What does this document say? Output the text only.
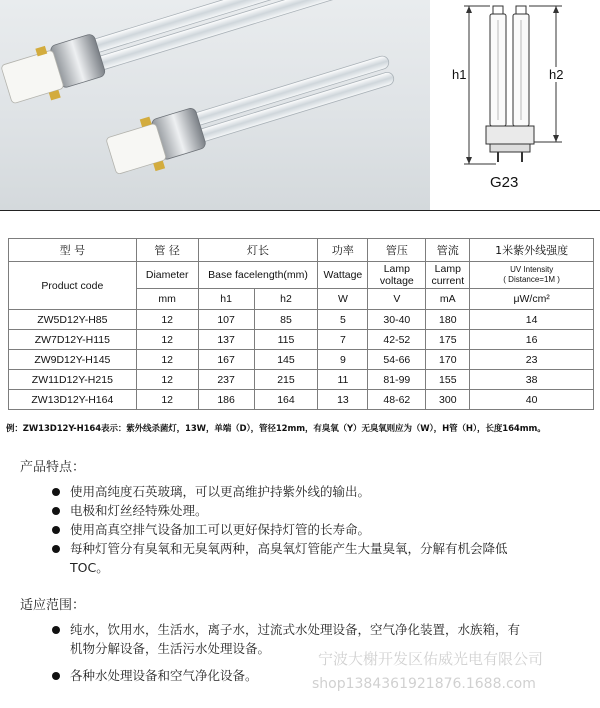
h1	h2
G23
型 号	管 径	灯长		功率	管压	管流	1米紫外线强度
Product code	Diameter	Base facelength(mm)		Wattage	Lamp voltage	Lamp current	UV Intensity
( Distance=1M )

	mm	h1	h2	W	V	mA	μW/cm²
ZW5D12Y-H85	12	107	85	5	30-40	180	14
ZW7D12Y-H115	12	137	115	7	42-52	175	16
ZW9D12Y-H145	12	167	145	9	54-66	170	23
ZW11D12Y-H215	12	237	215	11	81-99	155	38
ZW13D12Y-H164	12	186	164	13	48-62	300	40
例：ZW13D12Y-H164表示：紫外线杀菌灯，13W，单端（D），管径12mm，有臭氧（Y）无臭氧则应为（W），H管（H），长度164mm。
产品特点：
使用高纯度石英玻璃，可以更高维护持紫外线的输出。
电极和灯丝经特殊处理。
使用高真空排气设备加工可以更好保持灯管的长寿命。
每种灯管分有臭氧和无臭氧两种，高臭氧灯管能产生大量臭氧，分解有机会降低TOC。
适应范围：
纯水，饮用水，生活水，离子水，过流式水处理设备，空气净化装置，水族箱，有机物分解设备，生活污水处理设备。
各种水处理设备和空气净化设备。
宁波大榭开发区佑威光电有限公司
shop1384361921876.1688.com
